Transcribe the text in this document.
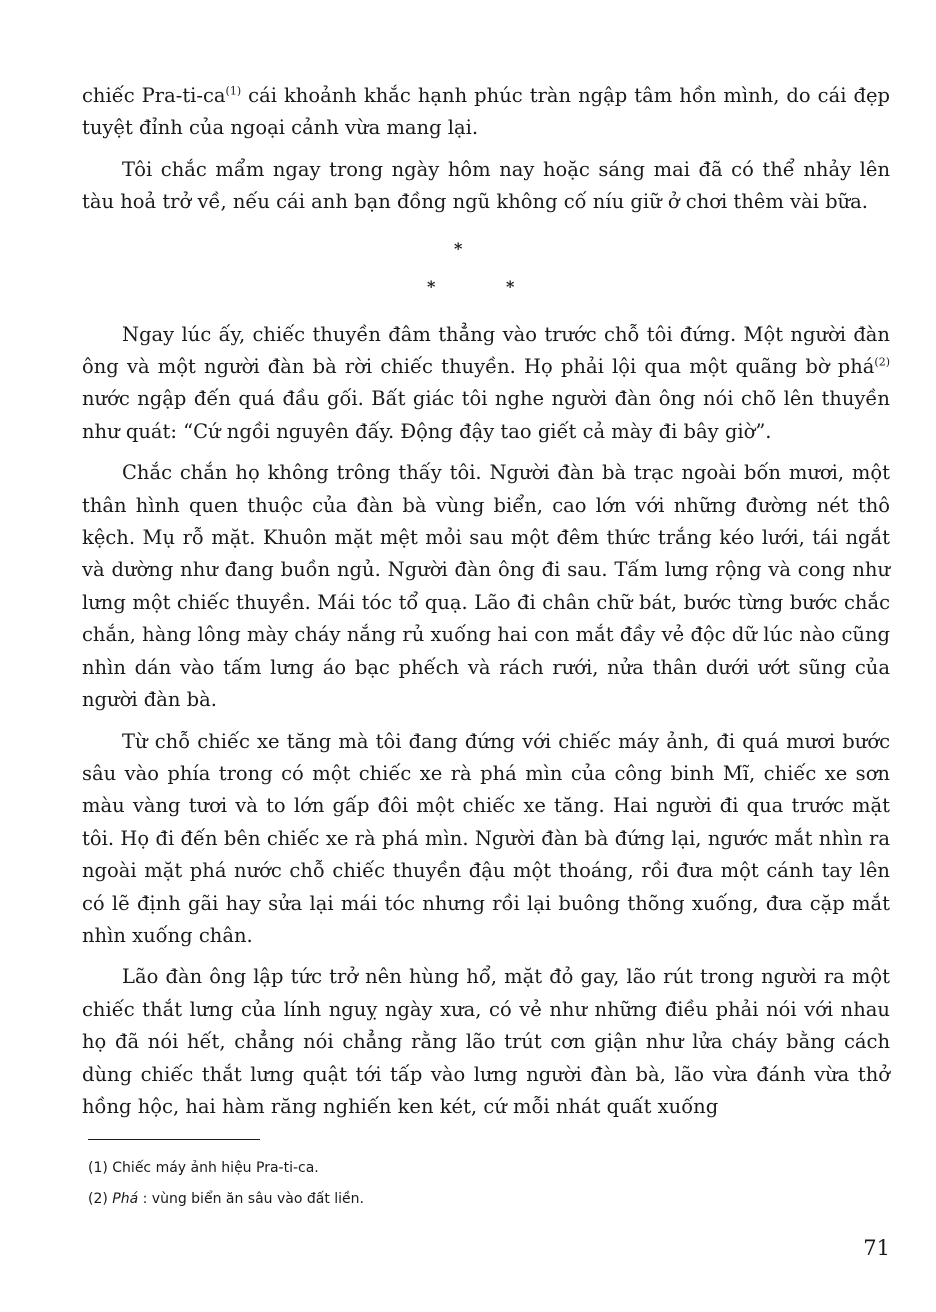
chiếc Pra-$ti-ca^{(1)}$ cái khoảnh khắc hạnh phúc tràn ngập tâm hồn mình, do cái đẹp tuyệt đỉnh của ngoại cảnh vừa mang lại.

Tôi chắc mẩm ngay trong ngày hôm nay hoặc sáng mai đã có thể nhảy lên tàu hoả trở về, nếu cái anh bạn đồng ngũ không cố níu giữ ở chơi thêm vài bữa.

*
*	*

Ngay lúc ấy, chiếc thuyền đâm thẳng vào trước chỗ tôi đứng. Một người đàn ông và một người đàn bà rời chiếc thuyền. Họ phải lội qua một quãng bờ phá$^{(2)}$ nước ngập đến quá đầu gối. Bất giác tôi nghe người đàn ông nói chõ lên thuyền như quát: “Cứ ngồi nguyên đấy. Động đậy tao giết cả mày đi bây giờ”.

Chắc chắn họ không trông thấy tôi. Người đàn bà trạc ngoài bốn mươi, một thân hình quen thuộc của đàn bà vùng biển, cao lớn với những đường nét thô kệch. Mụ rỗ mặt. Khuôn mặt mệt mỏi sau một đêm thức trắng kéo lưới, tái ngắt và dường như đang buồn ngủ. Người đàn ông đi sau. Tấm lưng rộng và cong như lưng một chiếc thuyền. Mái tóc tổ quạ. Lão đi chân chữ bát, bước từng bước chắc chắn, hàng lông mày cháy nắng rủ xuống hai con mắt đầy vẻ độc dữ lúc nào cũng nhìn dán vào tấm lưng áo bạc phếch và rách rưới, nửa thân dưới ướt sũng của người đàn bà.

Từ chỗ chiếc xe tăng mà tôi đang đứng với chiếc máy ảnh, đi quá mươi bước sâu vào phía trong có một chiếc xe rà phá mìn của công binh Mĩ, chiếc xe sơn màu vàng tươi và to lớn gấp đôi một chiếc xe tăng. Hai người đi qua trước mặt tôi. Họ đi đến bên chiếc xe rà phá mìn. Người đàn bà đứng lại, ngước mắt nhìn ra ngoài mặt phá nước chỗ chiếc thuyền đậu một thoáng, rồi đưa một cánh tay lên có lẽ định gãi hay sửa lại mái tóc nhưng rồi lại buông thõng xuống, đưa cặp mắt nhìn xuống chân.

Lão đàn ông lập tức trở nên hùng hổ, mặt đỏ gay, lão rút trong người ra một chiếc thắt lưng của lính nguỵ ngày xưa, có vẻ như những điều phải nói với nhau họ đã nói hết, chẳng nói chẳng rằng lão trút cơn giận như lửa cháy bằng cách dùng chiếc thắt lưng quật tới tấp vào lưng người đàn bà, lão vừa đánh vừa thở hồng hộc, hai hàm răng nghiến ken két, cứ mỗi nhát quất xuống

(1) Chiếc máy ảnh hiệu Pra-ti-ca.

(2) Phá : vùng biển ăn sâu vào đất liền.

71
